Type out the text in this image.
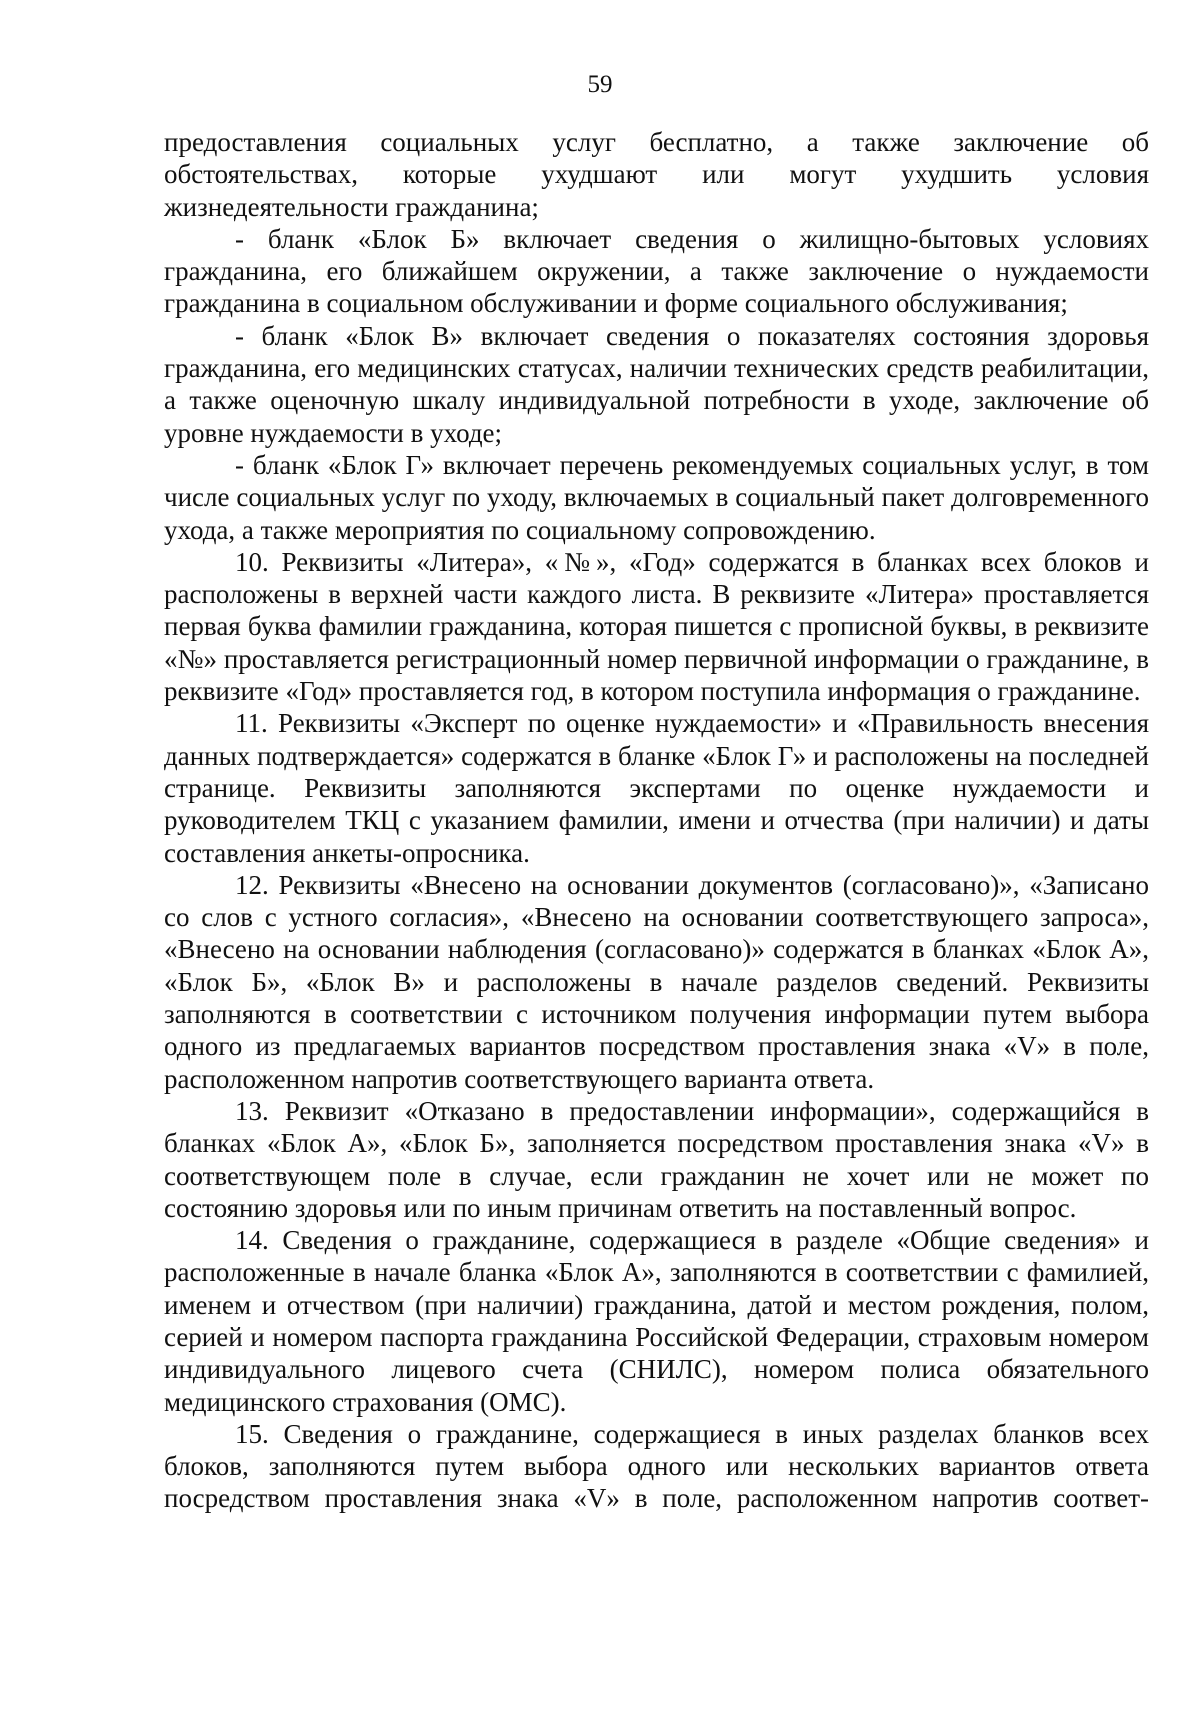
59

предоставления социальных услуг бесплатно, а также заключение об обстоятельствах, которые ухудшают или могут ухудшить условия жизнедеятельности гражданина;

- бланк «Блок Б» включает сведения о жилищно-бытовых условиях гражданина, его ближайшем окружении, а также заключение о нуждаемости гражданина в социальном обслуживании и форме социального обслуживания;

- бланк «Блок В» включает сведения о показателях состояния здоровья гражданина, его медицинских статусах, наличии технических средств реабилитации, а также оценочную шкалу индивидуальной потребности в уходе, заключение об уровне нуждаемости в уходе;

- бланк «Блок Г» включает перечень рекомендуемых социальных услуг, в том числе социальных услуг по уходу, включаемых в социальный пакет долговременного ухода, а также мероприятия по социальному сопровождению.

10. Реквизиты «Литера», «№», «Год» содержатся в бланках всех блоков и расположены в верхней части каждого листа. В реквизите «Литера» проставляется первая буква фамилии гражданина, которая пишется с прописной буквы, в реквизите «№» проставляется регистрационный номер первичной информации о гражданине, в реквизите «Год» проставляется год, в котором поступила информация о гражданине.

11. Реквизиты «Эксперт по оценке нуждаемости» и «Правильность внесения данных подтверждается» содержатся в бланке «Блок Г» и расположены на последней странице. Реквизиты заполняются экспертами по оценке нуждаемости и руководителем ТКЦ с указанием фамилии, имени и отчества (при наличии) и даты составления анкеты-опросника.

12. Реквизиты «Внесено на основании документов (согласовано)», «Записано со слов с устного согласия», «Внесено на основании соответствующего запроса», «Внесено на основании наблюдения (согласовано)» содержатся в бланках «Блок А», «Блок Б», «Блок В» и расположены в начале разделов сведений. Реквизиты заполняются в соответствии с источником получения информации путем выбора одного из предлагаемых вариантов посредством проставления знака «V» в поле, расположенном напротив соответствующего варианта ответа.

13. Реквизит «Отказано в предоставлении информации», содержащийся в бланках «Блок А», «Блок Б», заполняется посредством проставления знака «V» в соответствующем поле в случае, если гражданин не хочет или не может по состоянию здоровья или по иным причинам ответить на поставленный вопрос.

14. Сведения о гражданине, содержащиеся в разделе «Общие сведения» и расположенные в начале бланка «Блок А», заполняются в соответствии с фамилией, именем и отчеством (при наличии) гражданина, датой и местом рождения, полом, серией и номером паспорта гражданина Российской Федерации, страховым номером индивидуального лицевого счета (СНИЛС), номером полиса обязательного медицинского страхования (ОМС).

15. Сведения о гражданине, содержащиеся в иных разделах бланков всех блоков, заполняются путем выбора одного или нескольких вариантов ответа посредством проставления знака «V» в поле, расположенном напротив соответ-
